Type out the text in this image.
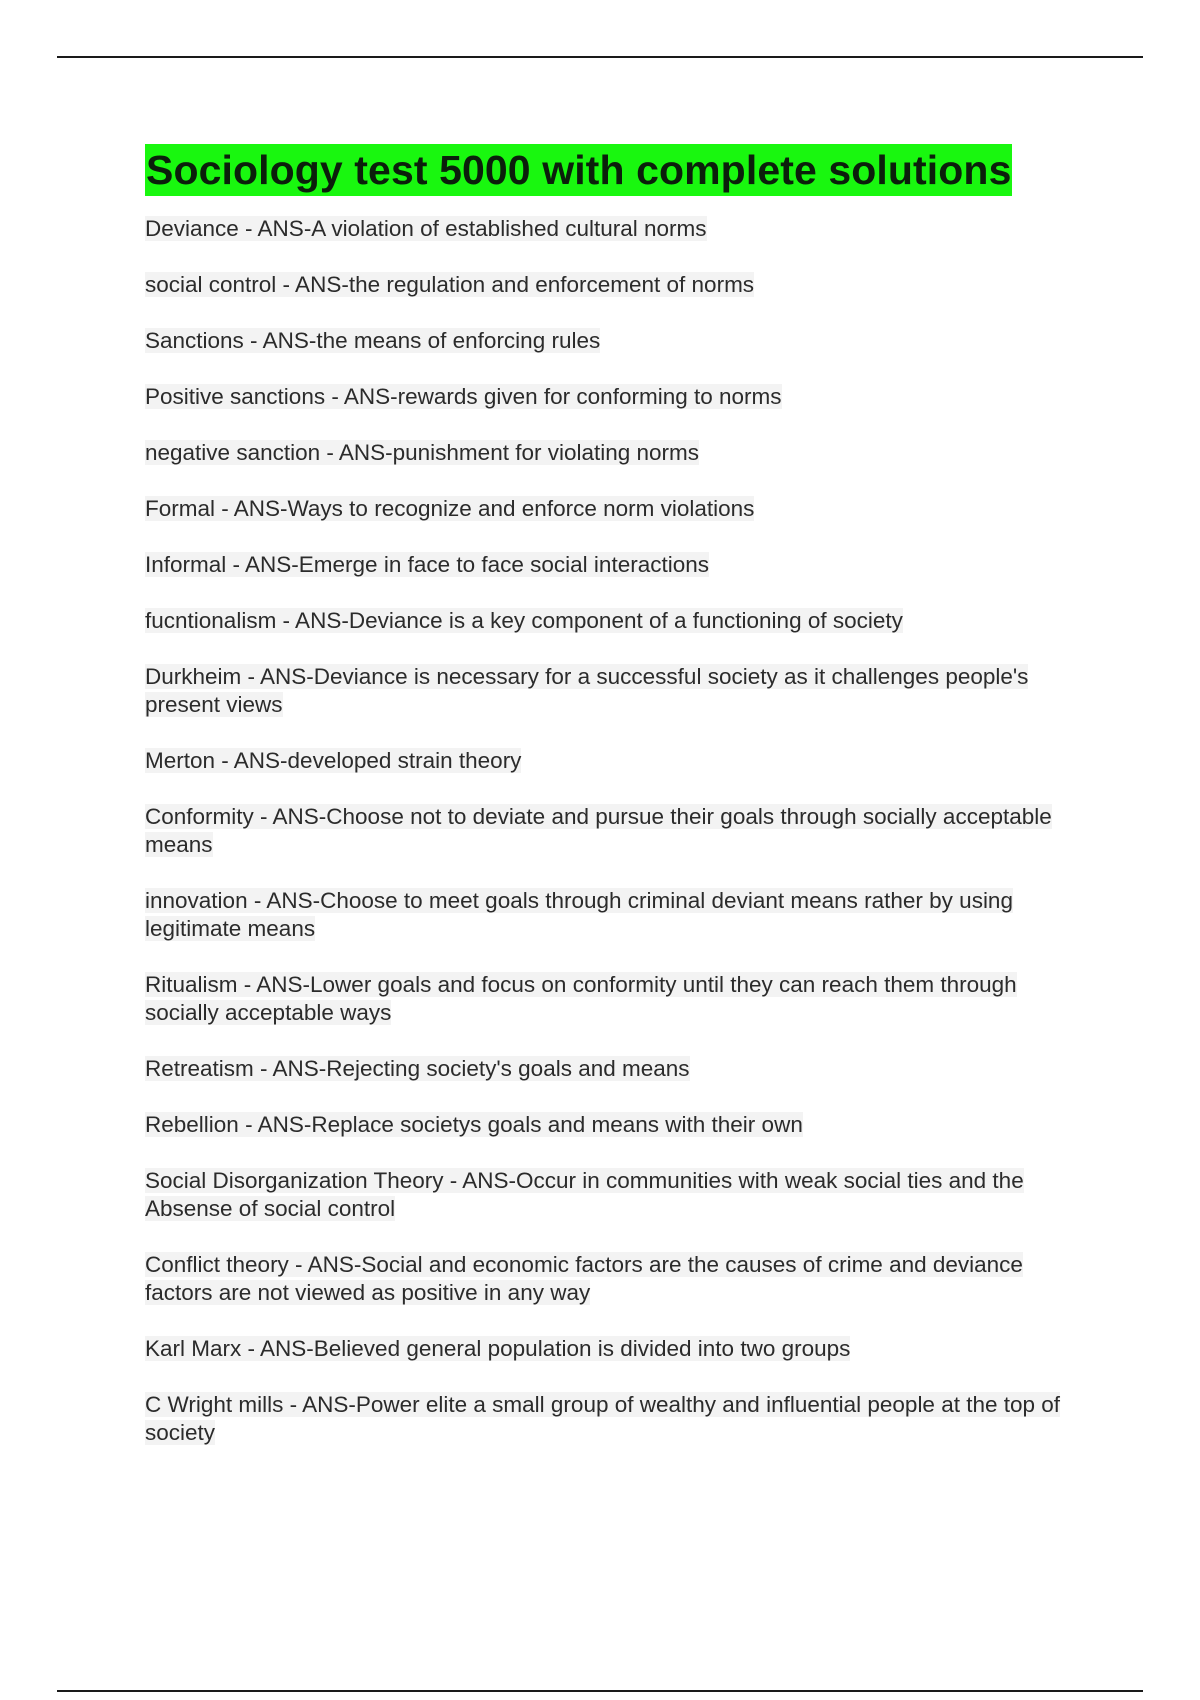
Sociology test 5000 with complete solutions
Deviance - ANS-A violation of established cultural norms
social control - ANS-the regulation and enforcement of norms
Sanctions - ANS-the means of enforcing rules
Positive sanctions - ANS-rewards given for conforming to norms
negative sanction - ANS-punishment for violating norms
Formal - ANS-Ways to recognize and enforce norm violations
Informal - ANS-Emerge in face to face social interactions
fucntionalism - ANS-Deviance is a key component of a functioning of society
Durkheim - ANS-Deviance is necessary for a successful society as it challenges people's present views
Merton - ANS-developed strain theory
Conformity - ANS-Choose not to deviate and pursue their goals through socially acceptable means
innovation - ANS-Choose to meet goals through criminal deviant means rather by using legitimate means
Ritualism - ANS-Lower goals and focus on conformity until they can reach them through socially acceptable ways
Retreatism - ANS-Rejecting society's goals and means
Rebellion - ANS-Replace societys goals and means with their own
Social Disorganization Theory - ANS-Occur in communities with weak social ties and the Absense of social control
Conflict theory - ANS-Social and economic factors are the causes of crime and deviance factors are not viewed as positive in any way
Karl Marx - ANS-Believed general population is divided into two groups
C Wright mills - ANS-Power elite a small group of wealthy and influential people at the top of society
